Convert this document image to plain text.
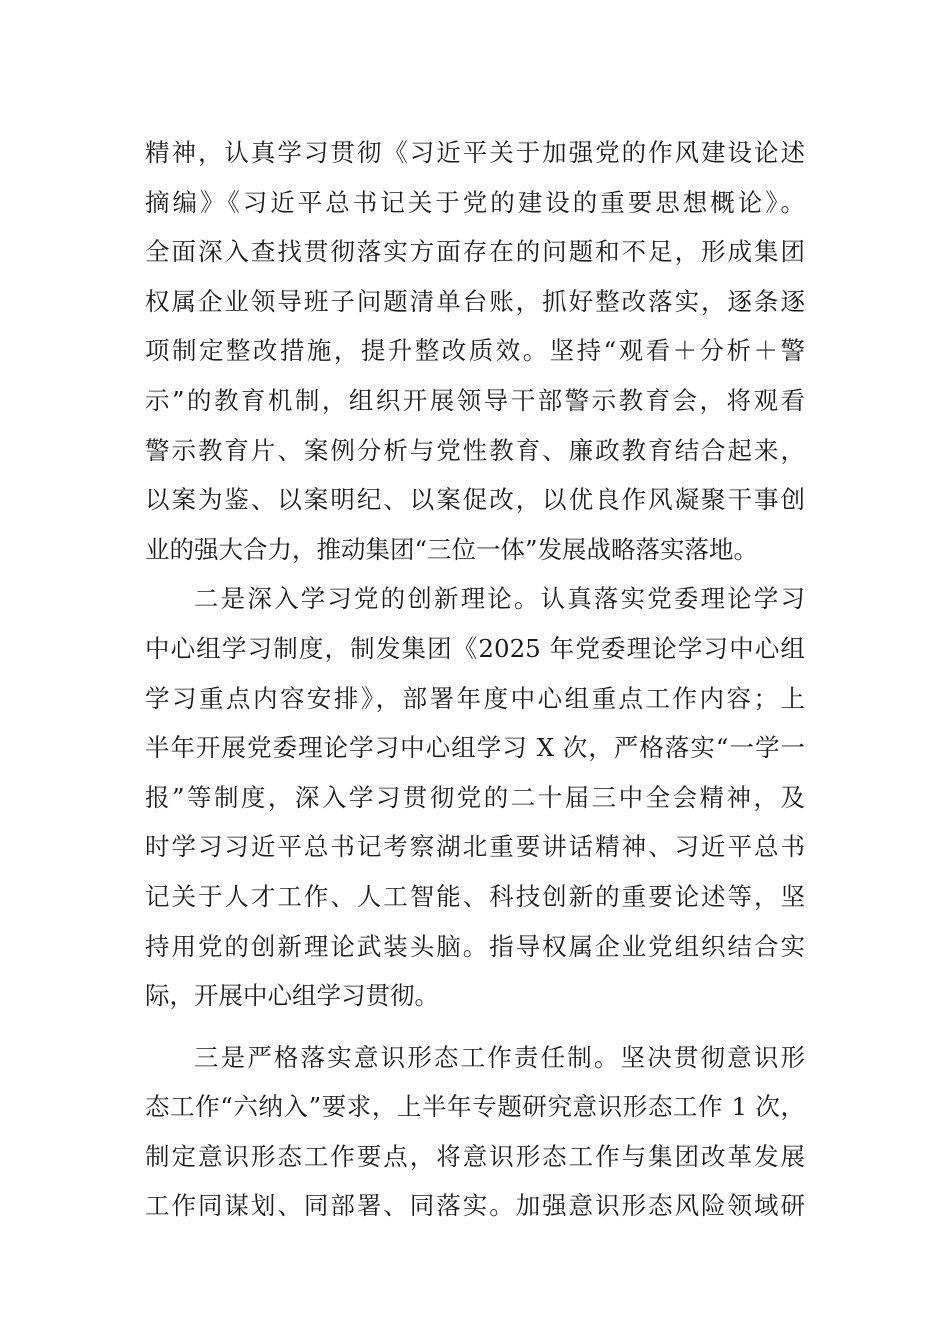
精神，认真学习贯彻《习近平关于加强党的作风建设论述
摘编》《习近平总书记关于党的建设的重要思想概论》。
全面深入查找贯彻落实方面存在的问题和不足，形成集团
权属企业领导班子问题清单台账，抓好整改落实，逐条逐
项制定整改措施，提升整改质效。坚持“观看＋分析＋警
示”的教育机制，组织开展领导干部警示教育会，将观看
警示教育片、案例分析与党性教育、廉政教育结合起来，
以案为鉴、以案明纪、以案促改，以优良作风凝聚干事创
业的强大合力，推动集团“三位一体”发展战略落实落地。
二是深入学习党的创新理论。认真落实党委理论学习
中心组学习制度，制发集团《2025 年党委理论学习中心组
学习重点内容安排》，部署年度中心组重点工作内容；上
半年开展党委理论学习中心组学习 X 次，严格落实“一学一
报”等制度，深入学习贯彻党的二十届三中全会精神，及
时学习习近平总书记考察湖北重要讲话精神、习近平总书
记关于人才工作、人工智能、科技创新的重要论述等，坚
持用党的创新理论武装头脑。指导权属企业党组织结合实
际，开展中心组学习贯彻。
三是严格落实意识形态工作责任制。坚决贯彻意识形
态工作“六纳入”要求，上半年专题研究意识形态工作 1 次，
制定意识形态工作要点，将意识形态工作与集团改革发展
工作同谋划、同部署、同落实。加强意识形态风险领域研
